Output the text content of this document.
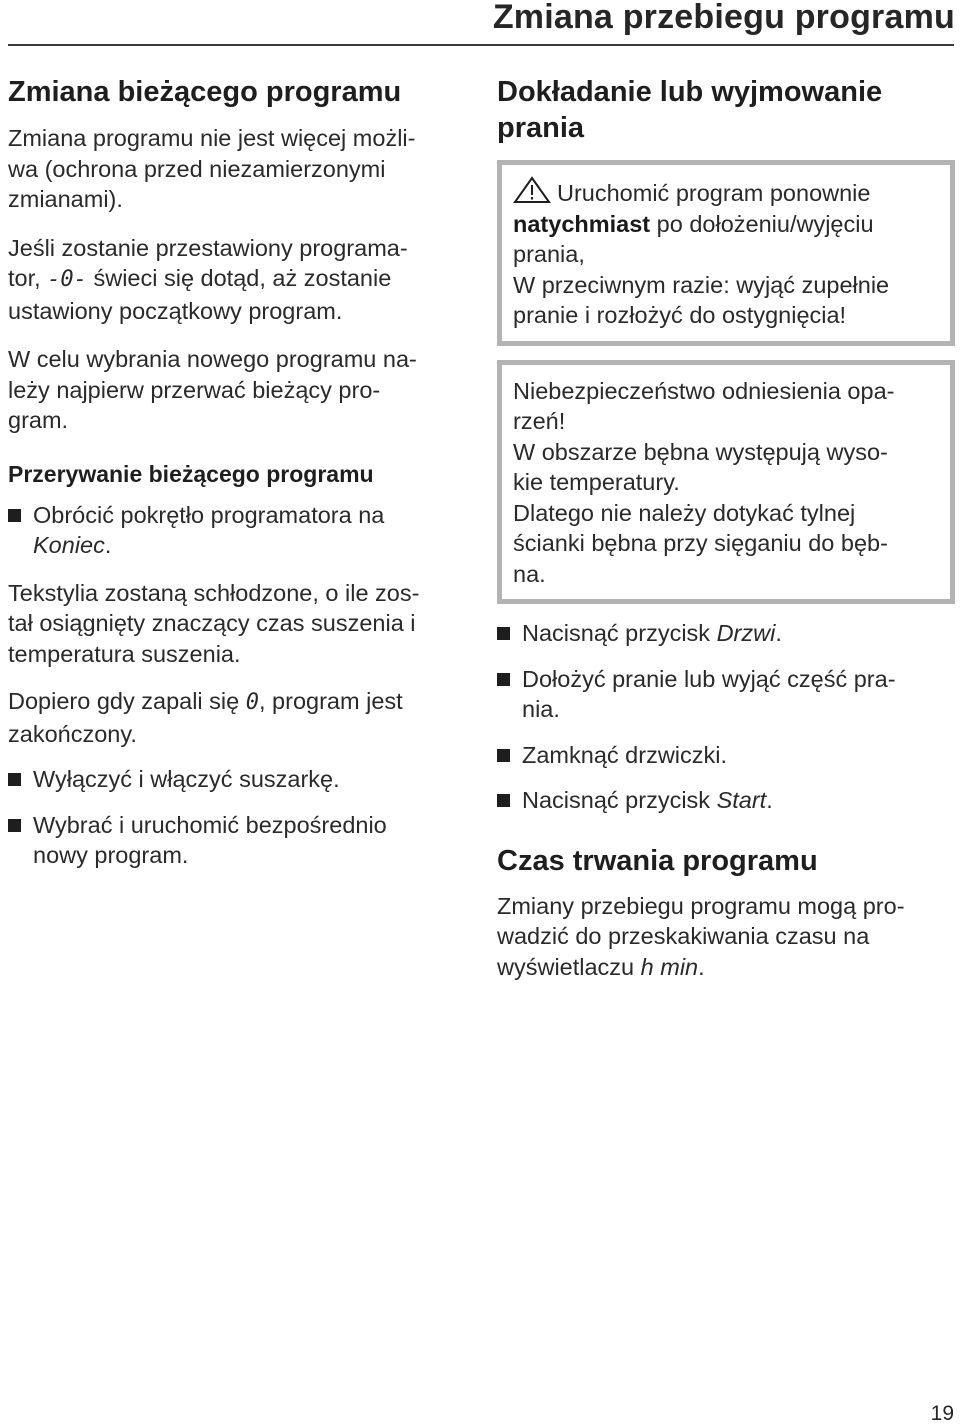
Zmiana przebiegu programu
Zmiana bieżącego programu

Zmiana programu nie jest więcej możli-
wa (ochrona przed niezamierzonymi
zmianami).

Jeśli zostanie przestawiony programa-
tor, -0- świeci się dotąd, aż zostanie
ustawiony początkowy program.

W celu wybrania nowego programu na-
leży najpierw przerwać bieżący pro-
gram.

Przerywanie bieżącego programu
Obrócić pokrętło programatora na
Koniec.

Tekstylia zostaną schłodzone, o ile zos-
tał osiągnięty znaczący czas suszenia i
temperatura suszenia.

Dopiero gdy zapali się 0, program jest
zakończony.

Wyłączyć i włączyć suszarkę.
Wybrać i uruchomić bezpośrednio
nowy program.
Dokładanie lub wyjmowanie
prania

Uruchomić program ponownie
natychmiast po dołożeniu/wyjęciu
prania,
W przeciwnym razie: wyjąć zupełnie
pranie i rozłożyć do ostygnięcia!

Niebezpieczeństwo odniesienia opa-
rzeń!
W obszarze bębna występują wyso-
kie temperatury.
Dlatego nie należy dotykać tylnej
ścianki bębna przy sięganiu do bęb-
na.

Nacisnąć przycisk Drzwi.
Dołożyć pranie lub wyjąć część pra-
nia.
Zamknąć drzwiczki.
Nacisnąć przycisk Start.
Czas trwania programu

Zmiany przebiegu programu mogą pro-
wadzić do przeskakiwania czasu na
wyświetlaczu h min.

19
